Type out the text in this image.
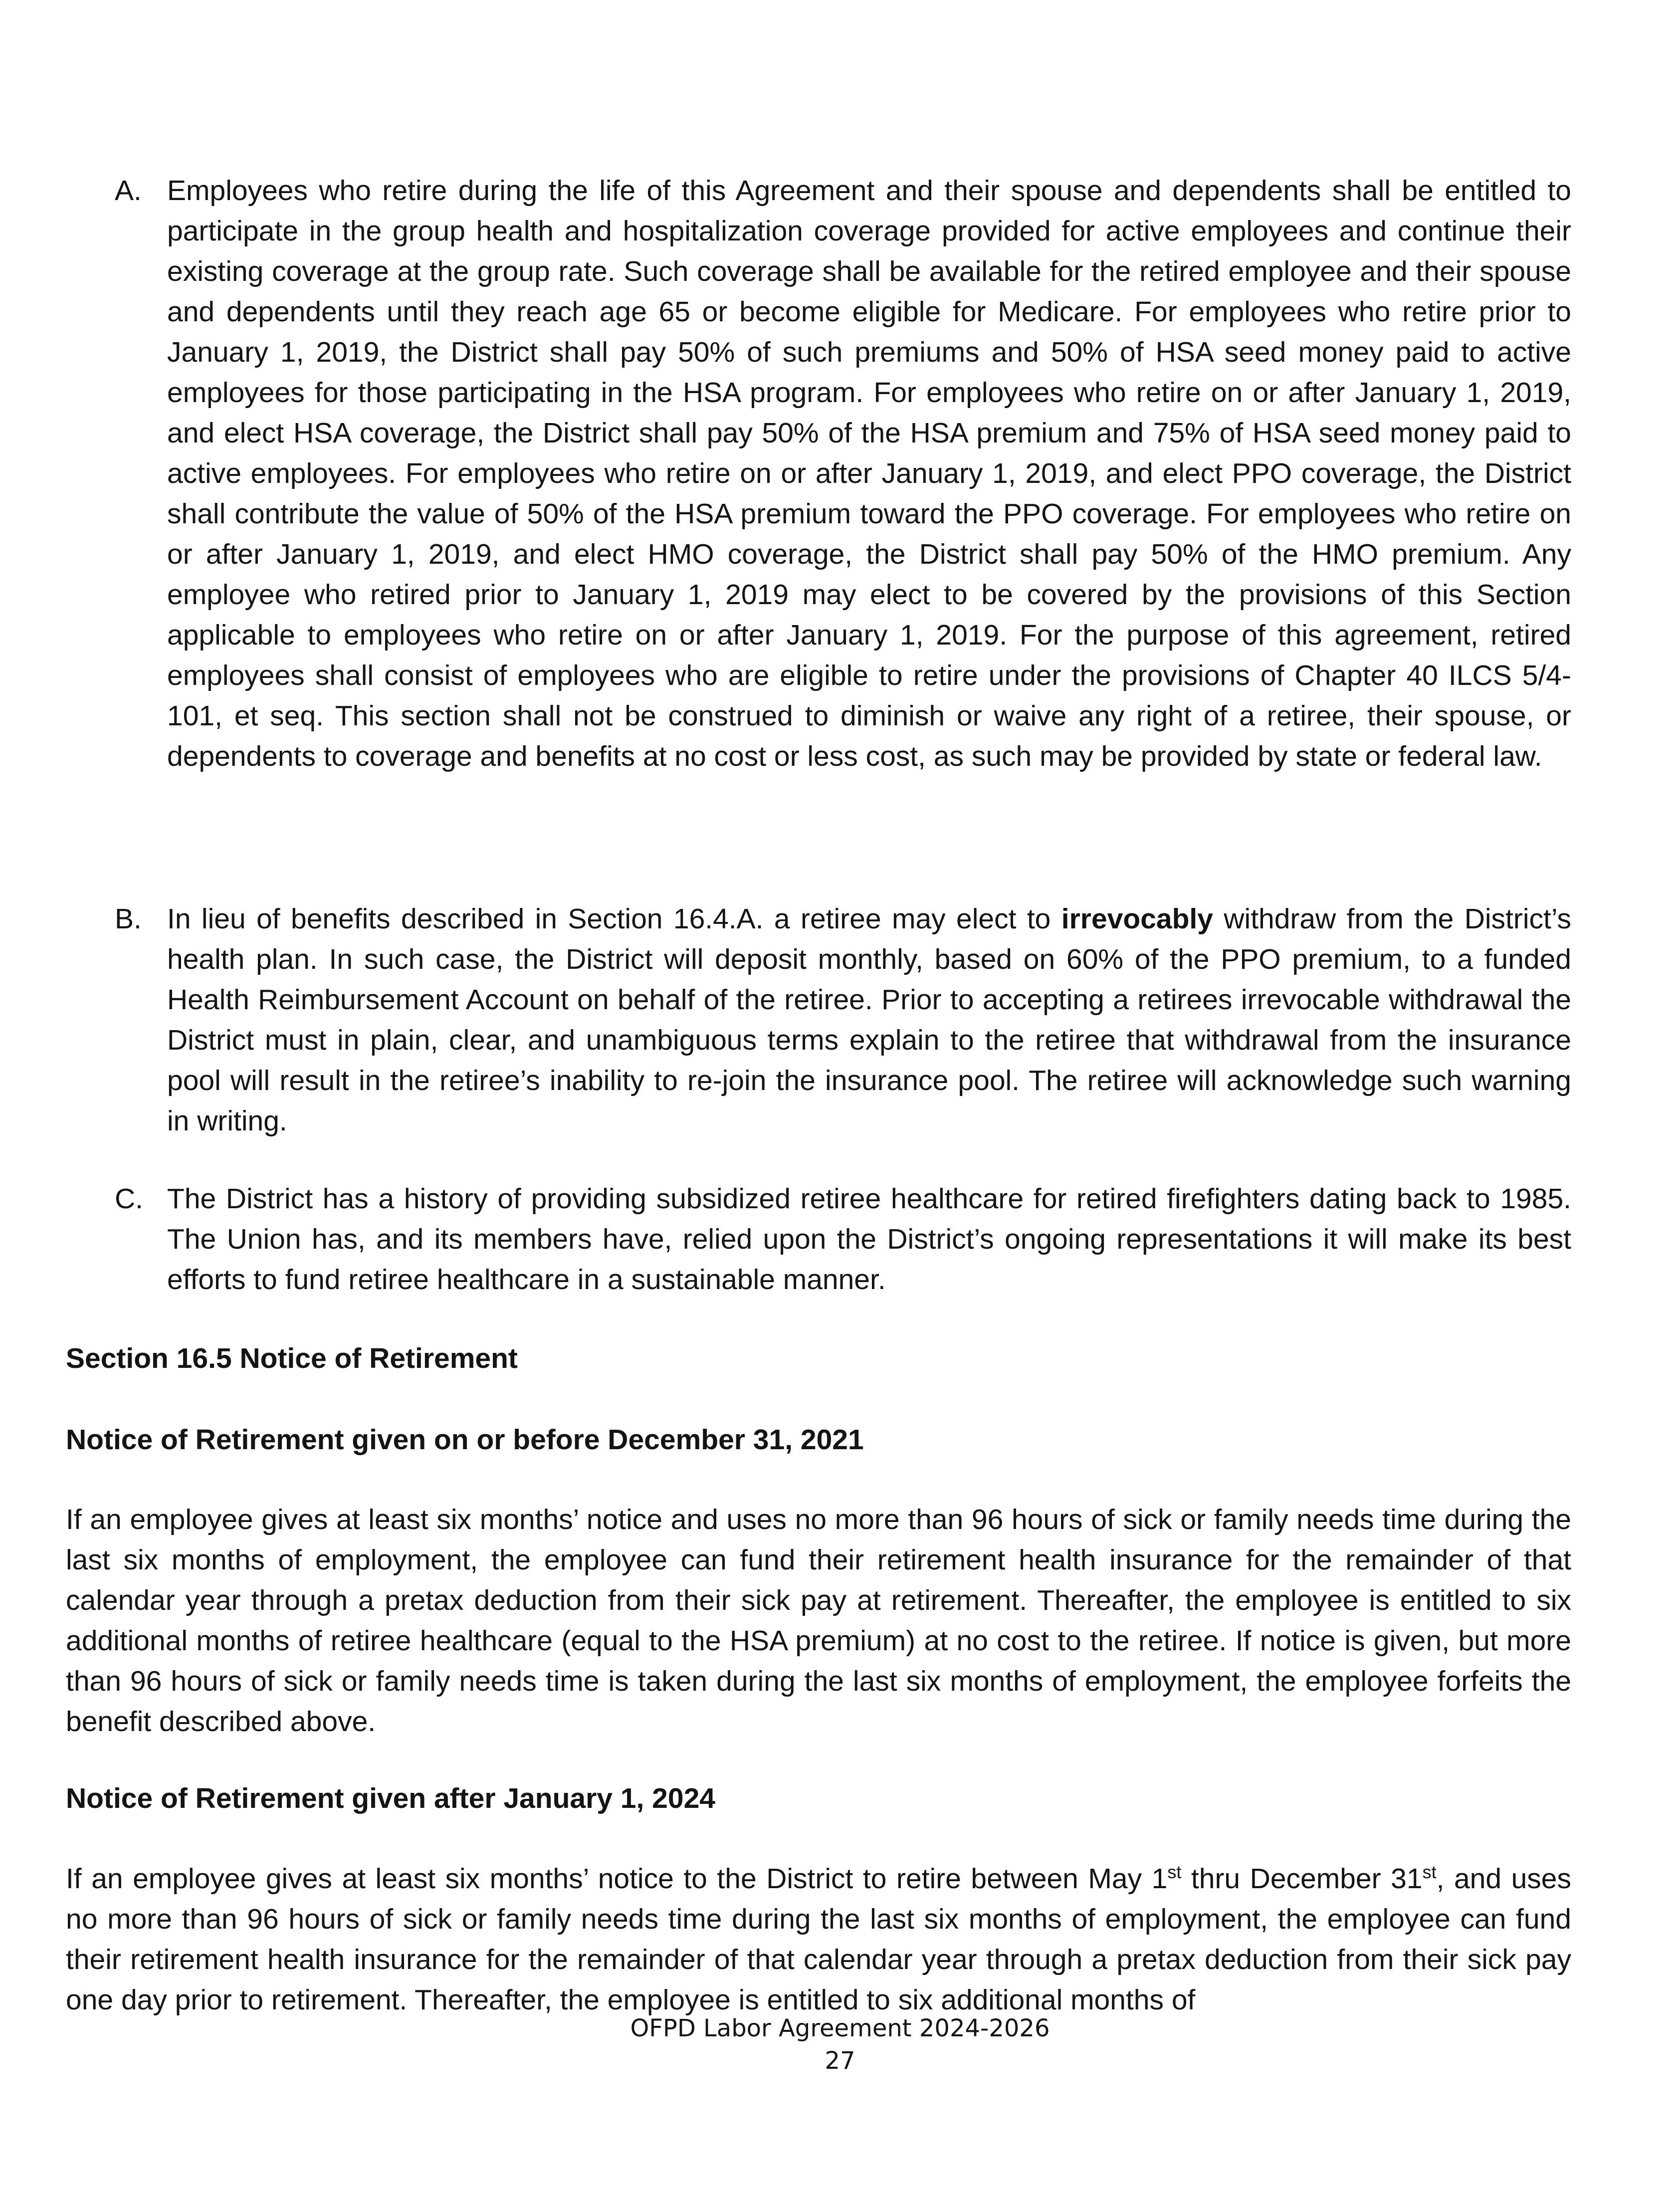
A. Employees who retire during the life of this Agreement and their spouse and dependents shall be entitled to participate in the group health and hospitalization coverage provided for active employees and continue their existing coverage at the group rate. Such coverage shall be available for the retired employee and their spouse and dependents until they reach age 65 or become eligible for Medicare. For employees who retire prior to January 1, 2019, the District shall pay 50% of such premiums and 50% of HSA seed money paid to active employees for those participating in the HSA program. For employees who retire on or after January 1, 2019, and elect HSA coverage, the District shall pay 50% of the HSA premium and 75% of HSA seed money paid to active employees. For employees who retire on or after January 1, 2019, and elect PPO coverage, the District shall contribute the value of 50% of the HSA premium toward the PPO coverage. For employees who retire on or after January 1, 2019, and elect HMO coverage, the District shall pay 50% of the HMO premium. Any employee who retired prior to January 1, 2019 may elect to be covered by the provisions of this Section applicable to employees who retire on or after January 1, 2019. For the purpose of this agreement, retired employees shall consist of employees who are eligible to retire under the provisions of Chapter 40 ILCS 5/4-101, et seq. This section shall not be construed to diminish or waive any right of a retiree, their spouse, or dependents to coverage and benefits at no cost or less cost, as such may be provided by state or federal law.
B. In lieu of benefits described in Section 16.4.A. a retiree may elect to irrevocably withdraw from the District’s health plan. In such case, the District will deposit monthly, based on 60% of the PPO premium, to a funded Health Reimbursement Account on behalf of the retiree. Prior to accepting a retirees irrevocable withdrawal the District must in plain, clear, and unambiguous terms explain to the retiree that withdrawal from the insurance pool will result in the retiree’s inability to re-join the insurance pool. The retiree will acknowledge such warning in writing.
C. The District has a history of providing subsidized retiree healthcare for retired firefighters dating back to 1985. The Union has, and its members have, relied upon the District’s ongoing representations it will make its best efforts to fund retiree healthcare in a sustainable manner.
Section 16.5 Notice of Retirement
Notice of Retirement given on or before December 31, 2021
If an employee gives at least six months’ notice and uses no more than 96 hours of sick or family needs time during the last six months of employment, the employee can fund their retirement health insurance for the remainder of that calendar year through a pretax deduction from their sick pay at retirement. Thereafter, the employee is entitled to six additional months of retiree healthcare (equal to the HSA premium) at no cost to the retiree. If notice is given, but more than 96 hours of sick or family needs time is taken during the last six months of employment, the employee forfeits the benefit described above.
Notice of Retirement given after January 1, 2024
If an employee gives at least six months’ notice to the District to retire between May 1st thru December 31st, and uses no more than 96 hours of sick or family needs time during the last six months of employment, the employee can fund their retirement health insurance for the remainder of that calendar year through a pretax deduction from their sick pay one day prior to retirement. Thereafter, the employee is entitled to six additional months of
OFPD Labor Agreement 2024-2026
27
